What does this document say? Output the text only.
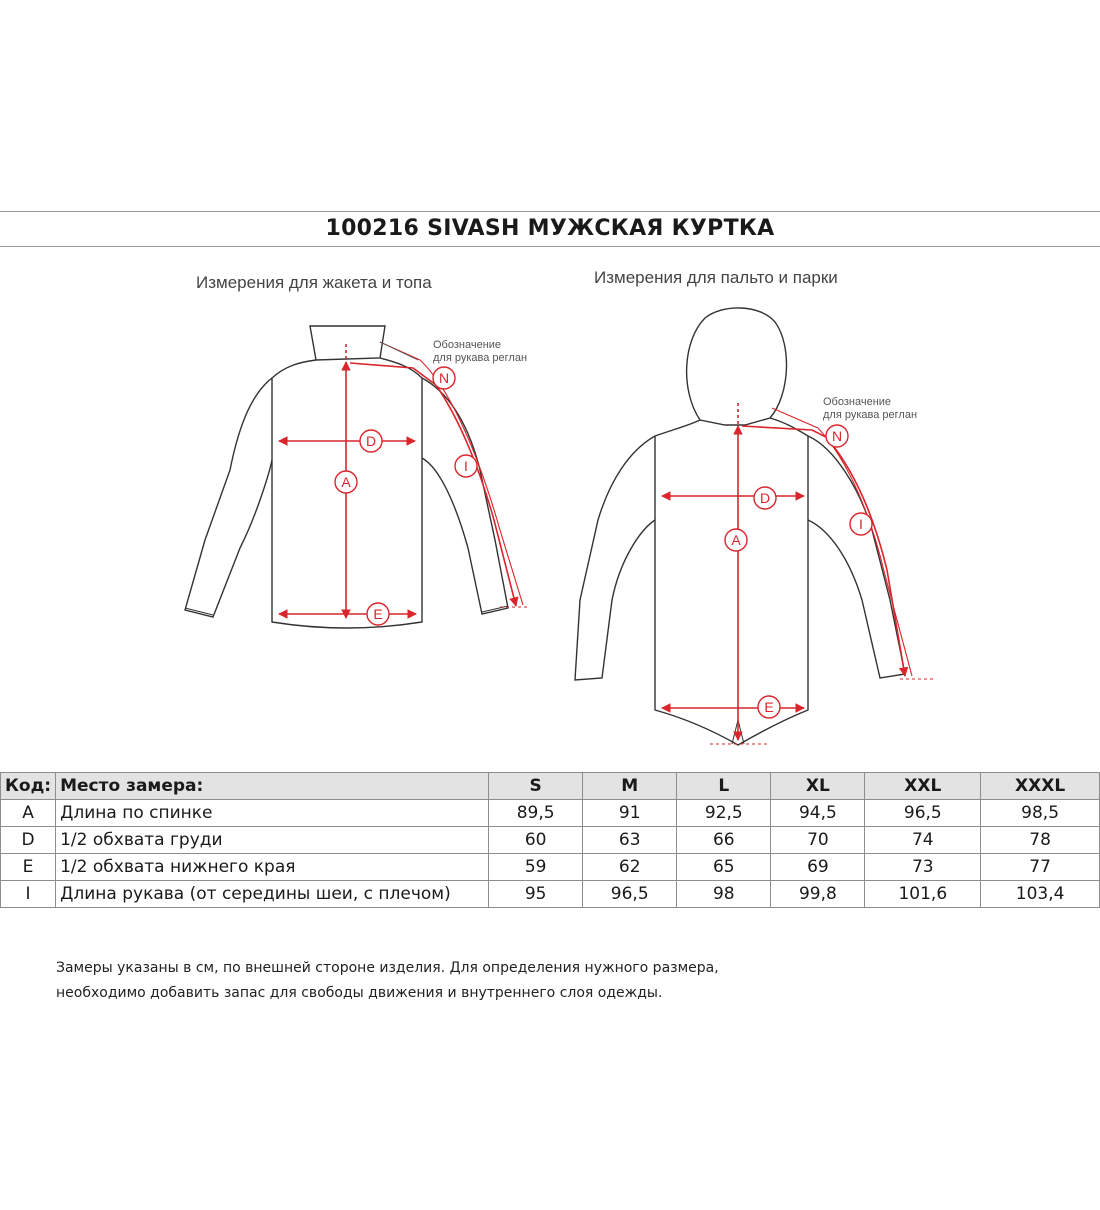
100216 SIVASH МУЖСКАЯ КУРТКА
Измерения для жакета и топа	Измерения для пальто и парки
D
A
E
N
I
Обозначение
для рукава реглан
D
A
E
N
I
Обозначение
для рукава реглан
Код:	Место замера:	S	M	L	XL	XXL	XXXL
A	Длина по спинке	89,5	91	92,5	94,5	96,5	98,5
D	1/2 обхвата груди	60	63	66	70	74	78
E	1/2 обхвата нижнего края	59	62	65	69	73	77
I	Длина рукава (от середины шеи, с плечом)	95	96,5	98	99,8	101,6	103,4
Замеры указаны в см, по внешней стороне изделия. Для определения нужного размера,
необходимо добавить запас для свободы движения и внутреннего слоя одежды.
